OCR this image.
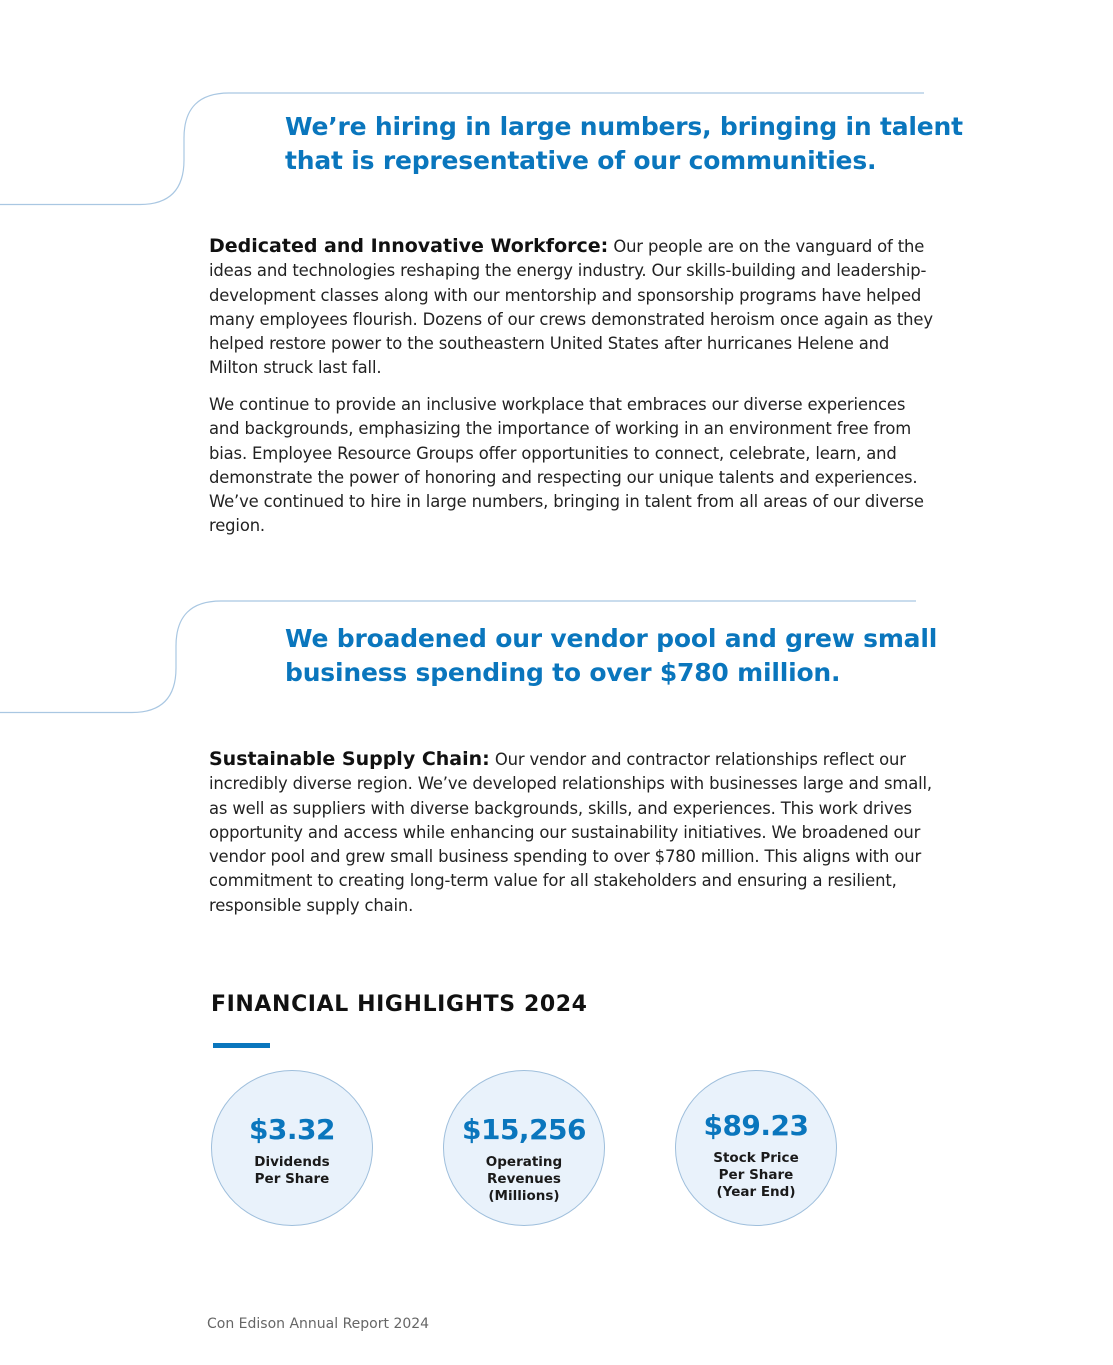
We’re hiring in large numbers, bringing in talent
that is representative of our communities.

Dedicated and Innovative Workforce: Our people are on the vanguard of the ideas and technologies reshaping the energy industry. Our skills-building and leadership-development classes along with our mentorship and sponsorship programs have helped many employees flourish. Dozens of our crews demonstrated heroism once again as they helped restore power to the southeastern United States after hurricanes Helene and Milton struck last fall.

We continue to provide an inclusive workplace that embraces our diverse experiences and backgrounds, emphasizing the importance of working in an environment free from bias. Employee Resource Groups offer opportunities to connect, celebrate, learn, and demonstrate the power of honoring and respecting our unique talents and experiences. We’ve continued to hire in large numbers, bringing in talent from all areas of our diverse region.

We broadened our vendor pool and grew small
business spending to over $780 million.

Sustainable Supply Chain: Our vendor and contractor relationships reflect our incredibly diverse region. We’ve developed relationships with businesses large and small, as well as suppliers with diverse backgrounds, skills, and experiences. This work drives opportunity and access while enhancing our sustainability initiatives. We broadened our vendor pool and grew small business spending to over $780 million. This aligns with our commitment to creating long-term value for all stakeholders and ensuring a resilient, responsible supply chain.

FINANCIAL HIGHLIGHTS 2024
$3.32
Dividends
Per Share
$15,256
Operating
Revenues
(Millions)
$89.23
Stock Price
Per Share
(Year End)
Con Edison Annual Report 2024
